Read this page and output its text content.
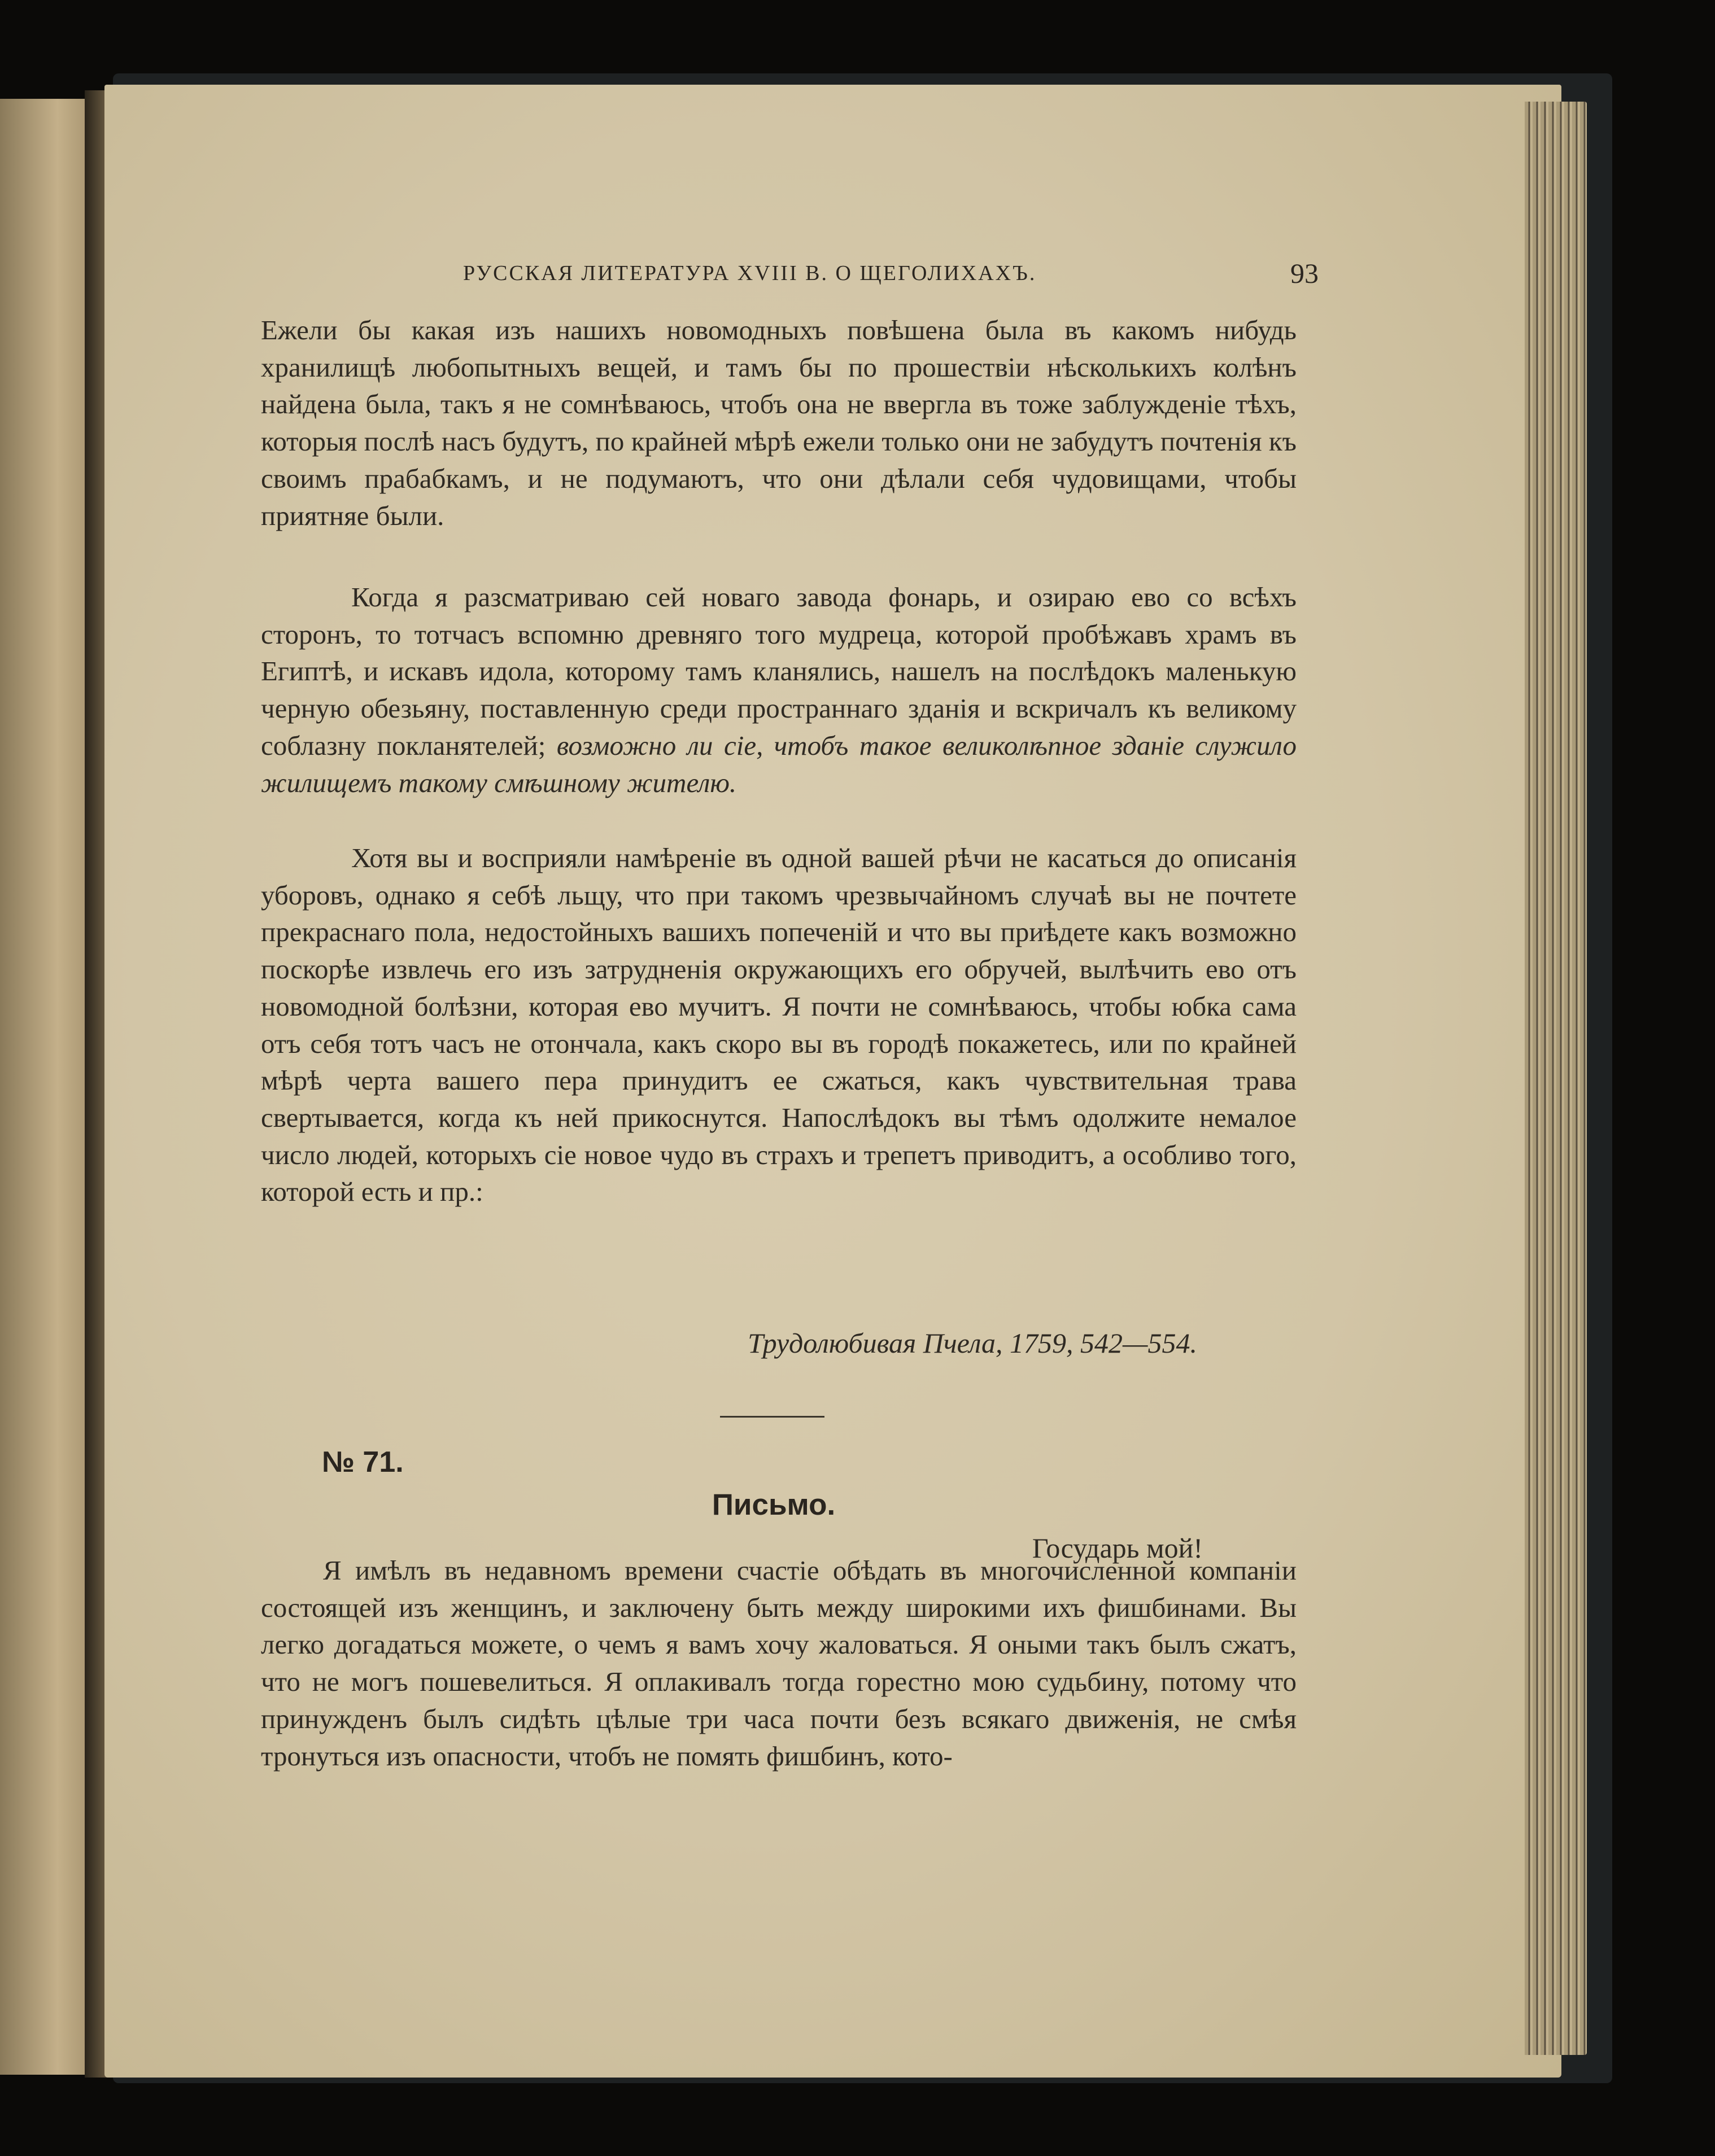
РУССКАЯ ЛИТЕРАТУРА XVIII В. О ЩЕГОЛИХАХЪ.	93

Ежели бы какая изъ нашихъ новомодныхъ повѣшена была въ какомъ нибудь хранилищѣ любопытныхъ вещей, и тамъ бы по прошествіи нѣсколькихъ колѣнъ найдена была, такъ я не сомнѣваюсь, чтобъ она не ввергла въ тоже заблужденіе тѣхъ, которыя послѣ насъ будутъ, по крайней мѣрѣ ежели только они не забудутъ почтенія къ своимъ прабабкамъ, и не подумаютъ, что они дѣлали себя чудовищами, чтобы приятняе были.

Когда я разсматриваю сей новаго завода фонарь, и озираю ево со всѣхъ сторонъ, то тотчасъ вспомню древняго того мудреца, которой пробѣжавъ храмъ въ Египтѣ, и искавъ идола, которому тамъ кланялись, нашелъ на послѣдокъ маленькую черную обезьяну, поставленную среди пространнаго зданія и вскричалъ къ великому соблазну покланятелей; возможно ли сіе, чтобъ такое великолѣпное зданіе служило жилищемъ такому смѣшному жителю.

Хотя вы и восприяли намѣреніе въ одной вашей рѣчи не касаться до описанія уборовъ, однако я себѣ льщу, что при такомъ чрезвычайномъ случаѣ вы не почтете прекраснаго пола, недостойныхъ вашихъ попеченій и что вы приѣдете какъ возможно поскорѣе извлечь его изъ затрудненія окружающихъ его обручей, вылѣчить ево отъ новомодной болѣзни, которая ево мучитъ. Я почти не сомнѣваюсь, чтобы юбка сама отъ себя тотъ часъ не отончала, какъ скоро вы въ городѣ покажетесь, или по крайней мѣрѣ черта вашего пера принудитъ ее сжаться, какъ чувствительная трава свертывается, когда къ ней прикоснутся. Напослѣдокъ вы тѣмъ одолжите немалое число людей, которыхъ сіе новое чудо въ страхъ и трепетъ приводитъ, а особливо того, которой есть и пр.:

Трудолюбивая Пчела, 1759, 542—554.
№ 71.
Письмо.
Государь мой!

Я имѣлъ въ недавномъ времени счастіе обѣдать въ многочисленной компаніи состоящей изъ женщинъ, и заключену быть между широкими ихъ фишбинами. Вы легко догадаться можете, о чемъ я вамъ хочу жаловаться. Я оными такъ былъ сжатъ, что не могъ пошевелиться. Я оплакивалъ тогда горестно мою судьбину, потому что принужденъ былъ сидѣть цѣлые три часа почти безъ всякаго движенія, не смѣя тронуться изъ опасности, чтобъ не помять фишбинъ, кото-
